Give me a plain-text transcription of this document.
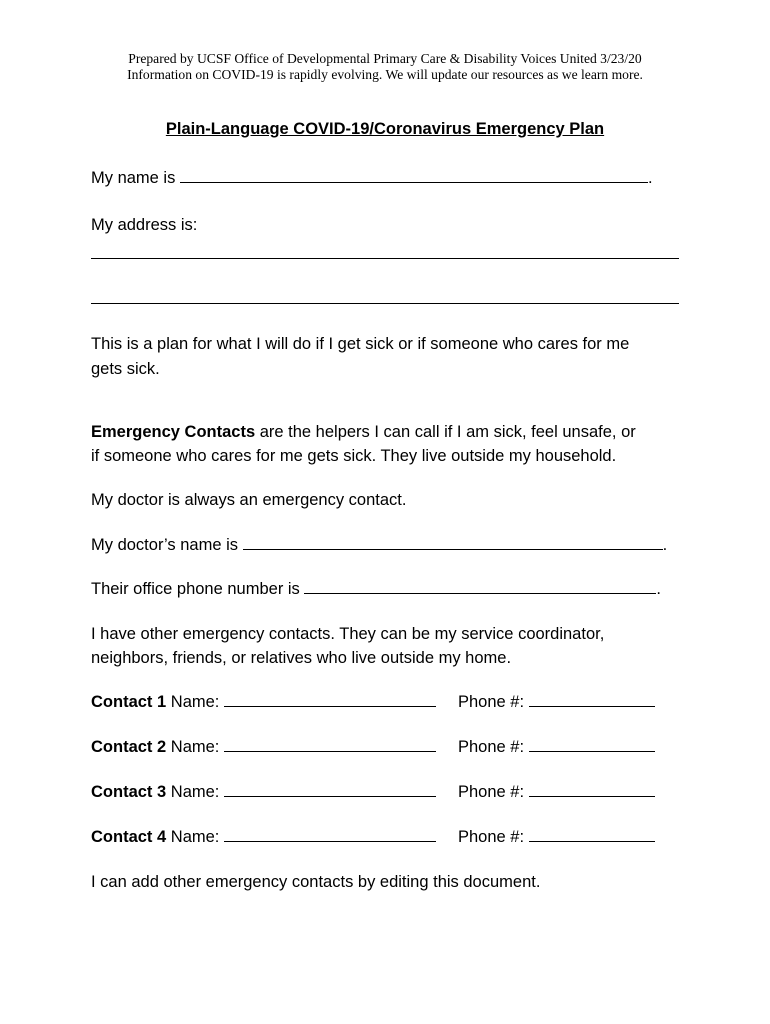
Prepared by UCSF Office of Developmental Primary Care & Disability Voices United 3/23/20
Information on COVID-19 is rapidly evolving. We will update our resources as we learn more.
Plain-Language COVID-19/Coronavirus Emergency Plan
My name is	.
My address is:
This is a plan for what I will do if I get sick or if someone who cares for me
gets sick.
Emergency Contacts are the helpers I can call if I am sick, feel unsafe, or
if someone who cares for me gets sick. They live outside my household.
My doctor is always an emergency contact.
My doctor’s name is	.
Their office phone number is	.
I have other emergency contacts. They can be my service coordinator,
neighbors, friends, or relatives who live outside my home.
Contact 1 Name:	Phone #:
Contact 2 Name:	Phone #:
Contact 3 Name:	Phone #:
Contact 4 Name:	Phone #:
I can add other emergency contacts by editing this document.
